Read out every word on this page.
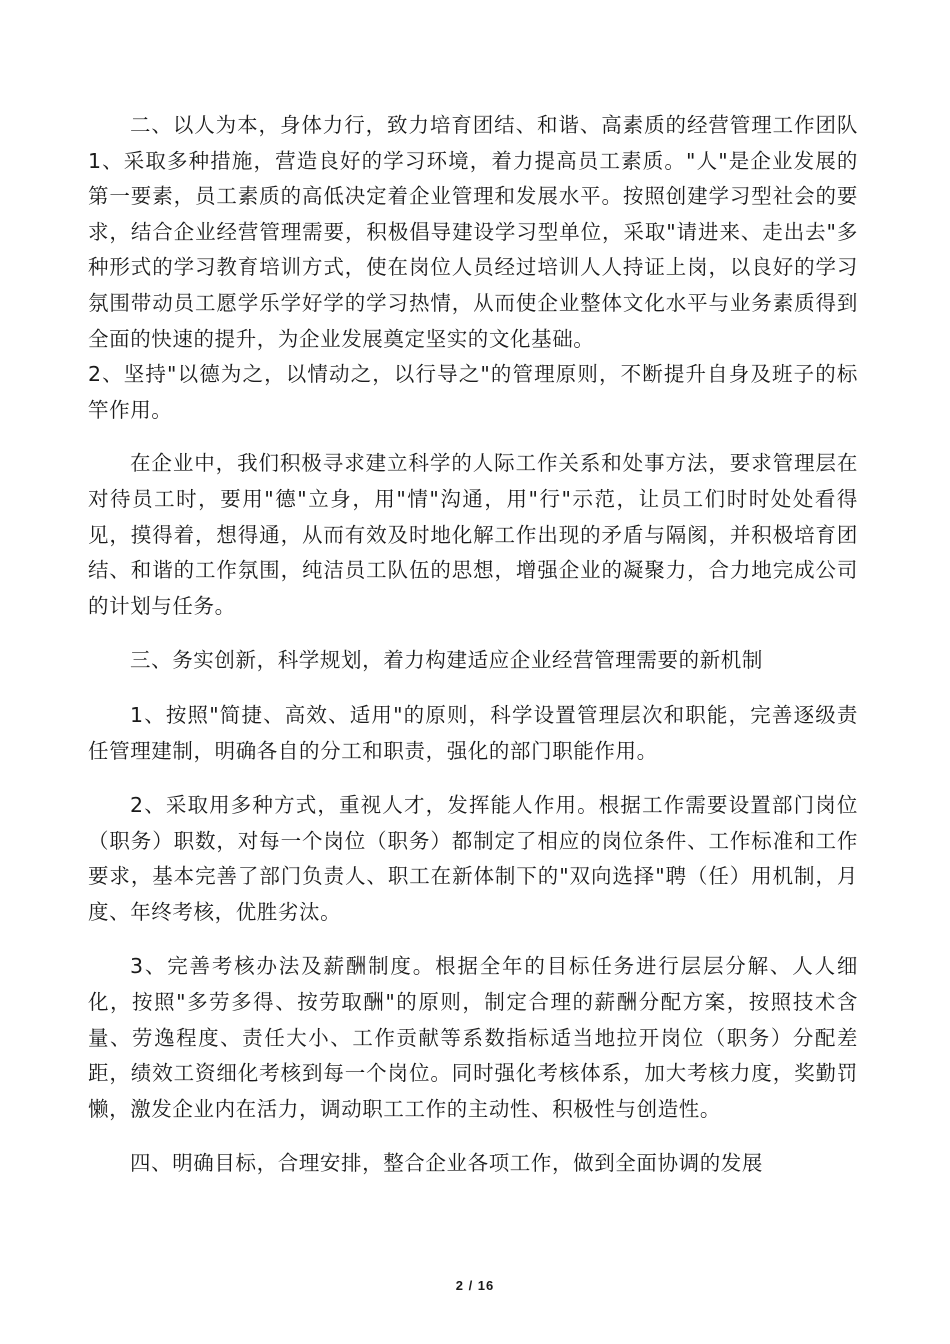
二、以人为本，身体力行，致力培育团结、和谐、高素质的经营管理工作团队 1、采取多种措施，营造良好的学习环境，着力提高员工素质。"人"是企业发展的第一要素，员工素质的高低决定着企业管理和发展水平。按照创建学习型社会的要求，结合企业经营管理需要，积极倡导建设学习型单位，采取"请进来、走出去"多种形式的学习教育培训方式，使在岗位人员经过培训人人持证上岗，以良好的学习氛围带动员工愿学乐学好学的学习热情，从而使企业整体文化水平与业务素质得到全面的快速的提升，为企业发展奠定坚实的文化基础。
2、坚持"以德为之，以情动之，以行导之"的管理原则，不断提升自身及班子的标竿作用。

在企业中，我们积极寻求建立科学的人际工作关系和处事方法，要求管理层在对待员工时，要用"德"立身，用"情"沟通，用"行"示范，让员工们时时处处看得见，摸得着，想得通，从而有效及时地化解工作出现的矛盾与隔阂，并积极培育团结、和谐的工作氛围，纯洁员工队伍的思想，增强企业的凝聚力，合力地完成公司的计划与任务。

三、务实创新，科学规划，着力构建适应企业经营管理需要的新机制

1、按照"简捷、高效、适用"的原则，科学设置管理层次和职能，完善逐级责任管理建制，明确各自的分工和职责，强化的部门职能作用。

2、采取用多种方式，重视人才，发挥能人作用。根据工作需要设置部门岗位（职务）职数，对每一个岗位（职务）都制定了相应的岗位条件、工作标准和工作要求，基本完善了部门负责人、职工在新体制下的"双向选择"聘（任）用机制，月度、年终考核，优胜劣汰。

3、完善考核办法及薪酬制度。根据全年的目标任务进行层层分解、人人细化，按照"多劳多得、按劳取酬"的原则，制定合理的薪酬分配方案，按照技术含量、劳逸程度、责任大小、工作贡献等系数指标适当地拉开岗位（职务）分配差距，绩效工资细化考核到每一个岗位。同时强化考核体系，加大考核力度，奖勤罚懒，激发企业内在活力，调动职工工作的主动性、积极性与创造性。

四、明确目标，合理安排，整合企业各项工作，做到全面协调的发展

2 / 16
